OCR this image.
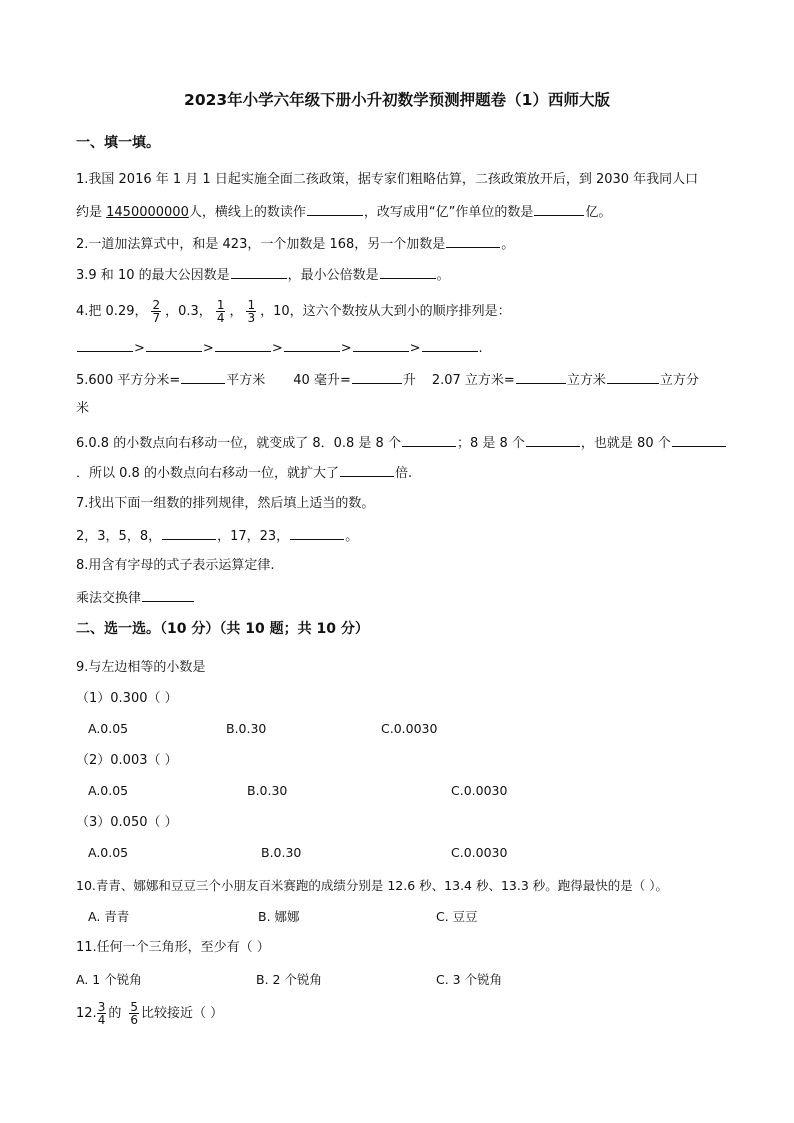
2023年小学六年级下册小升初数学预测押题卷（1）西师大版
一、填一填。
1.我国 2016 年 1 月 1 日起实施全面二孩政策，据专家们粗略估算，二孩政策放开后，到 2030 年我同人口
约是 1450000000人，横线上的数读作	，改写成用“亿”作单位的数是	亿。
2.一道加法算式中，和是 423，一个加数是 168，另一个加数是	。
3.9 和 10 的最大公因数是	，最小公倍数是	。
4.把 0.29， $\frac{2}{7}$ ，0.3， $\frac{1}{4}$ ， $\frac{1}{3}$ ，10，这六个数按从大到小的顺序排列是：
>	>	>	>	>	.
5.600 平方分米=	平方米 40 毫升=	升 2.07 立方米=	立方米	立方分
米
6.0.8 的小数点向右移动一位，就变成了 8．0.8 是 8 个	；8 是 8 个	，也就是 80 个
．所以 0.8 的小数点向右移动一位，就扩大了	倍.
7.找出下面一组数的排列规律，然后填上适当的数。
2，3，5，8，	，17，23，	。
8.用含有字母的式子表示运算定律.
乘法交换律
二、选一选。（10 分）（共 10 题；共 10 分）
9.与左边相等的小数是
（1）0.300（ ）
A.0.05	B.0.30	C.0.0030
（2）0.003（ ）
A.0.05	B.0.30	C.0.0030
（3）0.050（ ）
A.0.05	B.0.30	C.0.0030
10.青青、娜娜和豆豆三个小朋友百米赛跑的成绩分别是 12.6 秒、13.4 秒、13.3 秒。跑得最快的是（ ）。
A. 青青	B. 娜娜	C. 豆豆
11.任何一个三角形，至少有（ ）
A. 1 个锐角	B. 2 个锐角	C. 3 个锐角
12. $\frac{3}{4}$ 的 $\frac{5}{6}$ 比较接近（ ）
